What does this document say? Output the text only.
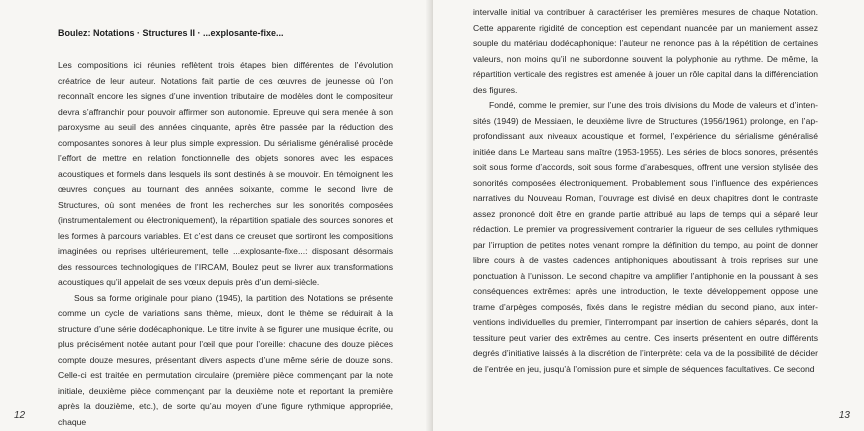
Boulez: Notations · Structures II · ...explosante-fixe...

Les compositions ici réunies reflètent trois étapes bien différentes de l’évolution créatrice de leur auteur. Notations fait partie de ces œuvres de jeunesse où l’on reconnaît encore les signes d’une invention tributaire de modèles dont le compositeur devra s’affranchir pour pouvoir affirmer son autonomie. Epreuve qui sera menée à son paroxysme au seuil des années cinquante, après être passée par la réduction des composantes sonores à leur plus simple expression. Du sérialisme généralisé procède l’effort de mettre en relation fonctionnelle des objets sonores avec les espaces acoustiques et formels dans lesquels ils sont destinés à se mouvoir. En témoignent les œuvres conçues au tournant des années soixante, comme le second livre de Structures, où sont menées de front les recherches sur les sonorités composées (instrumentalement ou électroniquement), la répartition spatiale des sources sonores et les formes à parcours variables. Et c’est dans ce creuset que sortiront les compositions imaginées ou reprises ultérieurement, telle ...explosante-fixe...: disposant désormais des ressources technologiques de l’IRCAM, Boulez peut se livrer aux transformations acoustiques qu’il appelait de ses vœux depuis près d’un demi-siècle.

Sous sa forme originale pour piano (1945), la partition des Notations se présente comme un cycle de variations sans thème, mieux, dont le thème se réduirait à la structure d’une série dodécaphonique. Le titre invite à se figurer une musique écrite, ou plus précisément notée autant pour l’œil que pour l’oreille: chacune des douze pièces compte douze mesures, présentant divers aspects d’une même série de douze sons. Celle-ci est traitée en permutation circulaire (première pièce commençant par la note initiale, deuxième pièce commençant par la deuxième note et reportant la première après la douzième, etc.), de sorte qu’au moyen d’une figure rythmique appropriée, chaque

12

intervalle initial va contribuer à caractériser les premières mesures de chaque Notation. Cette apparente rigidité de conception est cependant nuancée par un maniement assez souple du matériau dodécaphonique: l’auteur ne renonce pas à la répétition de certaines valeurs, non moins qu’il ne subordonne souvent la polyphonie au rythme. De même, la répartition verticale des registres est amenée à jouer un rôle capital dans la différenciation des figures.

Fondé, comme le premier, sur l’une des trois divisions du Mode de valeurs et d’intensités (1949) de Messiaen, le deuxième livre de Structures (1956/1961) prolonge, en l’approfondissant aux niveaux acoustique et formel, l’expérience du sérialisme généralisé initiée dans Le Marteau sans maître (1953-1955). Les séries de blocs sonores, présentés soit sous forme d’accords, soit sous forme d’arabesques, offrent une version stylisée des sonorités composées électroniquement. Probablement sous l’influence des expériences narratives du Nouveau Roman, l’ouvrage est divisé en deux chapitres dont le contraste assez prononcé doit être en grande partie attribué au laps de temps qui a séparé leur rédaction. Le premier va progressivement contrarier la rigueur de ses cellules rythmiques par l’irruption de petites notes venant rompre la définition du tempo, au point de donner libre cours à de vastes cadences antiphoniques aboutissant à trois reprises sur une ponctuation à l’unisson. Le second chapitre va amplifier l’antiphonie en la poussant à ses conséquences extrêmes: après une introduction, le texte développement oppose une trame d’arpèges composés, fixés dans le registre médian du second piano, aux interventions individuelles du premier, l’interrompant par insertion de cahiers séparés, dont la tessiture peut varier des extrêmes au centre. Ces inserts présentent en outre différents degrés d’initiative laissés à la discrétion de l’interprète: cela va de la possibilité de décider de l’entrée en jeu, jusqu’à l’omission pure et simple de séquences facultatives. Ce second

13
